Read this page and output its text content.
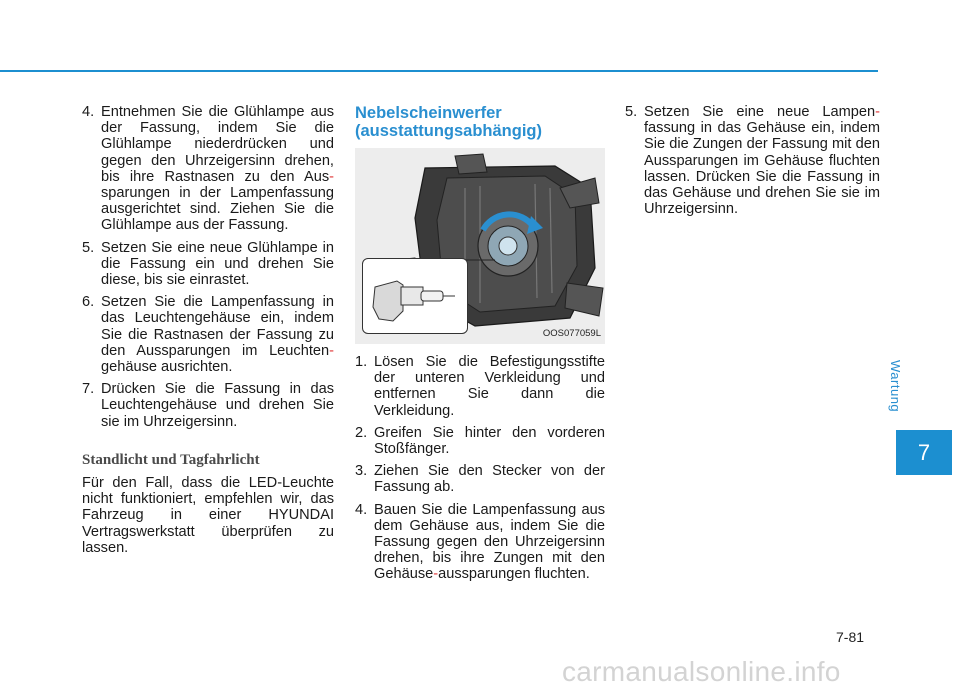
4. Entnehmen Sie die Glühlampe aus der Fassung, indem Sie die Glühlampe niederdrücken und gegen den Uhrzeigersinn drehen, bis ihre Rastnasen zu den Aus-sparungen in der Lampenfassung ausgerichtet sind. Ziehen Sie die Glühlampe aus der Fassung.
5. Setzen Sie eine neue Glühlampe in die Fassung ein und drehen Sie diese, bis sie einrastet.
6. Setzen Sie die Lampenfassung in das Leuchtengehäuse ein, indem Sie die Rastnasen der Fassung zu den Aussparungen im Leuchten-gehäuse ausrichten.
7. Drücken Sie die Fassung in das Leuchtengehäuse und drehen Sie sie im Uhrzeigersinn.
Standlicht und Tagfahrlicht

Für den Fall, dass die LED-Leuchte nicht funktioniert, empfehlen wir, das Fahrzeug in einer HYUNDAI Vertragswerkstatt überprüfen zu lassen.

Nebelscheinwerfer
(ausstattungsabhängig)
OOS077059L
1. Lösen Sie die Befestigungsstifte der unteren Verkleidung und entfernen Sie dann die Verkleidung.
2. Greifen Sie hinter den vorderen Stoßfänger.
3. Ziehen Sie den Stecker von der Fassung ab.
4. Bauen Sie die Lampenfassung aus dem Gehäuse aus, indem Sie die Fassung gegen den Uhrzeigersinn drehen, bis ihre Zungen mit den Gehäuse-aussparungen fluchten.
5. Setzen Sie eine neue Lampen-fassung in das Gehäuse ein, indem Sie die Zungen der Fassung mit den Aussparungen im Gehäuse fluchten lassen. Drücken Sie die Fassung in das Gehäuse und drehen Sie sie im Uhrzeigersinn.
Wartung
7
7-81
carmanualsonline.info
